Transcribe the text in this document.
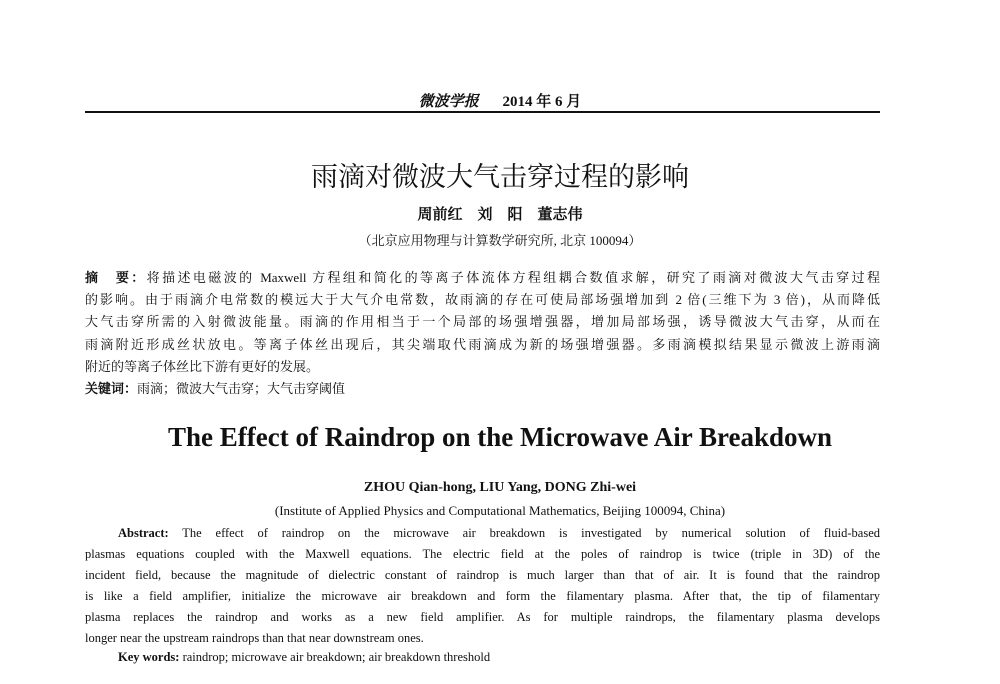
微波学报 2014 年 6 月
雨滴对微波大气击穿过程的影响
周前红　刘　阳　董志伟
（北京应用物理与计算数学研究所, 北京 100094）
摘　要：将描述电磁波的 Maxwell 方程组和简化的等离子体流体方程组耦合数值求解，研究了雨滴对微波大气击穿过程
的影响。由于雨滴介电常数的模远大于大气介电常数，故雨滴的存在可使局部场强增加到 2 倍(三维下为 3 倍)，从而降低
大气击穿所需的入射微波能量。雨滴的作用相当于一个局部的场强增强器，增加局部场强，诱导微波大气击穿，从而在
雨滴附近形成丝状放电。等离子体丝出现后，其尖端取代雨滴成为新的场强增强器。多雨滴模拟结果显示微波上游雨滴
附近的等离子体丝比下游有更好的发展。
关键词：雨滴；微波大气击穿；大气击穿阈值
The Effect of Raindrop on the Microwave Air Breakdown
ZHOU Qian-hong, LIU Yang, DONG Zhi-wei
(Institute of Applied Physics and Computational Mathematics, Beijing 100094, China)
Abstract: The effect of raindrop on the microwave air breakdown is investigated by numerical solution of fluid-based
plasmas equations coupled with the Maxwell equations. The electric field at the poles of raindrop is twice (triple in 3D) of the
incident field, because the magnitude of dielectric constant of raindrop is much larger than that of air. It is found that the raindrop
is like a field amplifier, initialize the microwave air breakdown and form the filamentary plasma. After that, the tip of filamentary
plasma replaces the raindrop and works as a new field amplifier. As for multiple raindrops, the filamentary plasma develops
longer near the upstream raindrops than that near downstream ones.
Key words: raindrop; microwave air breakdown; air breakdown threshold
